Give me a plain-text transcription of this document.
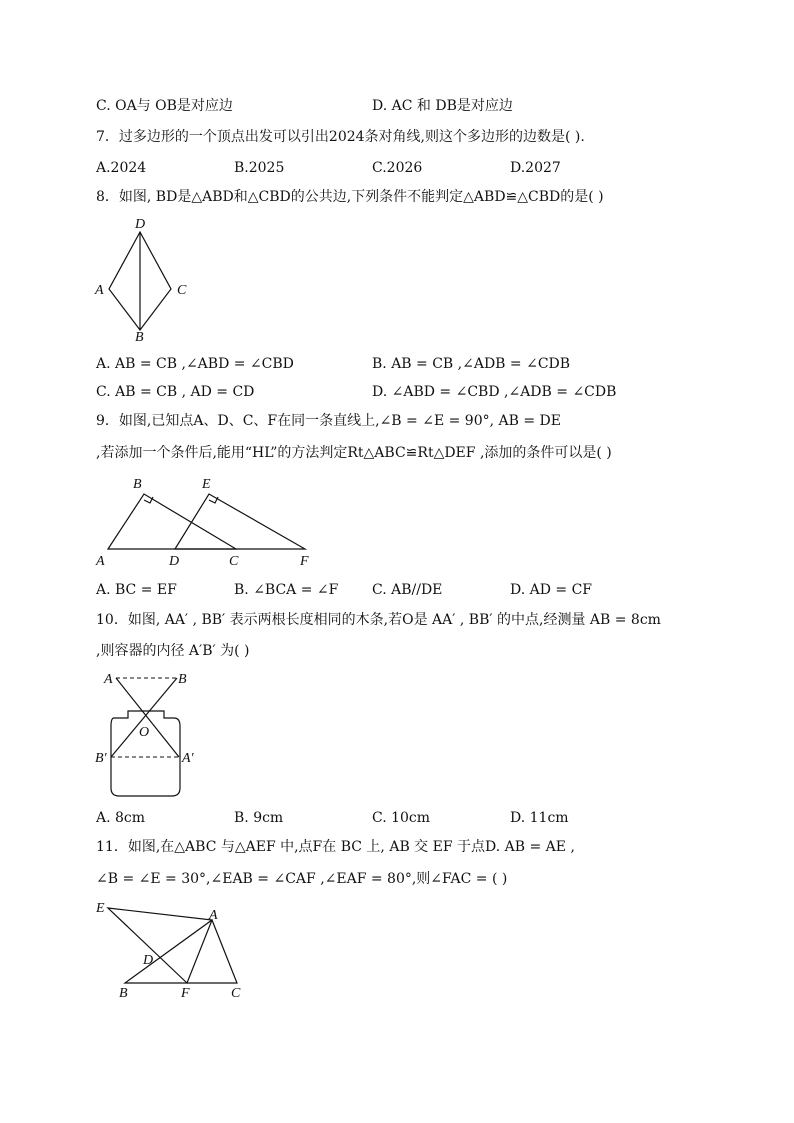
C. OA与 OB是对应边	D. AC 和 DB是对应边
7．过多边形的一个顶点出发可以引出2024条对角线,则这个多边形的边数是( ).
A.2024	B.2025	C.2026	D.2027
8．如图, BD是△ABD和△CBD的公共边,下列条件不能判定△ABD≌△CBD的是( )
D
A	C
B
A. AB = CB ,∠ABD = ∠CBD	B. AB = CB ,∠ADB = ∠CDB
C. AB = CB , AD = CD	D. ∠ABD = ∠CBD ,∠ADB = ∠CDB
9．如图,已知点A、D、C、F在同一条直线上,∠B = ∠E = 90°, AB = DE
,若添加一个条件后,能用“HL”的方法判定Rt△ABC≌Rt△DEF ,添加的条件可以是( )
B	E
A	D	C	F
A. BC = EF	B. ∠BCA = ∠F C. AB//DE	D. AD = CF
10．如图, AA′ , BB′ 表示两根长度相同的木条,若O是 AA′ , BB′ 的中点,经测量 AB = 8cm
,则容器的内径 A′B′ 为( )
A	B
O
B′	A′
A. 8cm	B. 9cm	C. 10cm	D. 11cm
11．如图,在△ABC 与△AEF 中,点F在 BC 上, AB 交 EF 于点D. AB = AE ,
∠B = ∠E = 30°,∠EAB = ∠CAF ,∠EAF = 80°,则∠FAC = ( )
E	A
D
B	F	C
